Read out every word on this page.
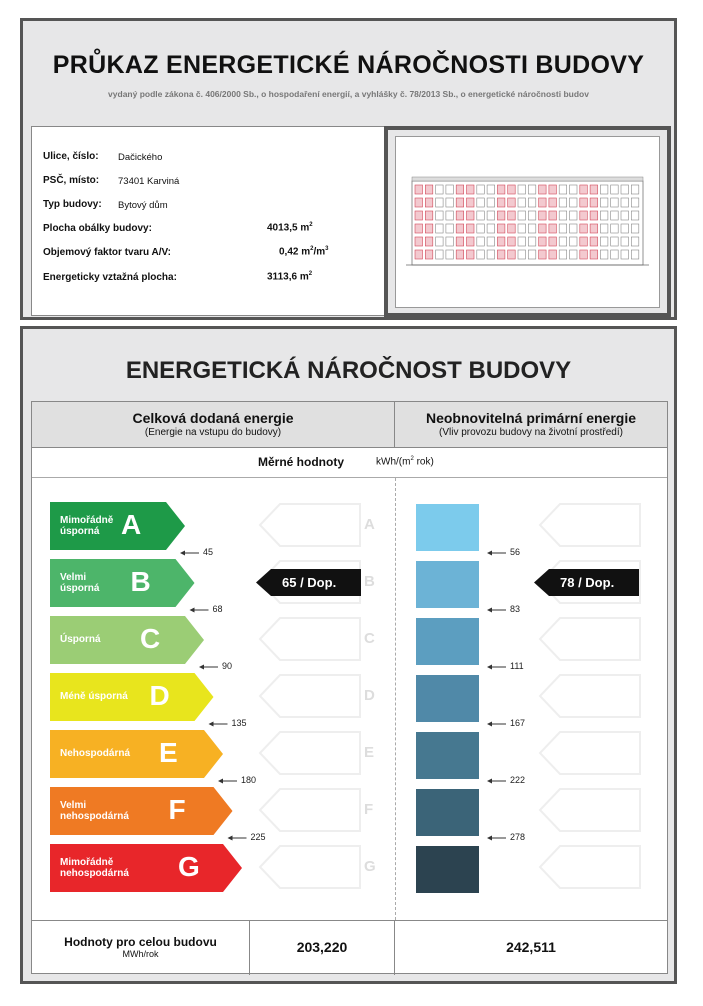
PRŮKAZ ENERGETICKÉ NÁROČNOSTI BUDOVY
vydaný podle zákona č. 406/2000 Sb., o hospodaření energií, a vyhlášky č. 78/2013 Sb., o energetické náročnosti budov
Ulice, číslo: Dačického
PSČ, místo: 73401 Karviná
Typ budovy: Bytový dům
Plocha obálky budovy:	4013,5 $m^2$
Objemový faktor tvaru A/V:	0,42 $m^2/m^3$
Energeticky vztažná plocha:	3113,6 $m^2$
ENERGETICKÁ NÁROČNOST BUDOVY
Celková dodaná energie
(Energie na vstupu do budovy)
Neobnovitelná primární energie
(Vliv provozu budovy na životní prostředí)
Měrné hodnoty	kWh/($m^2$ rok)
Mimořádně
úsporná A	A
Velmi
úsporná B	B
Úsporná C	C
Méně úsporná D	D
Nehospodárná E	E
Velmi
nehospodárná F	F
Mimořádně
nehospodárná G	G
45
68
90
135
180
225
56
83
111
167
222
278
65 / Dop.	78 / Dop.
Hodnoty pro celou budovu
MWh/rok	203,220	242,511
